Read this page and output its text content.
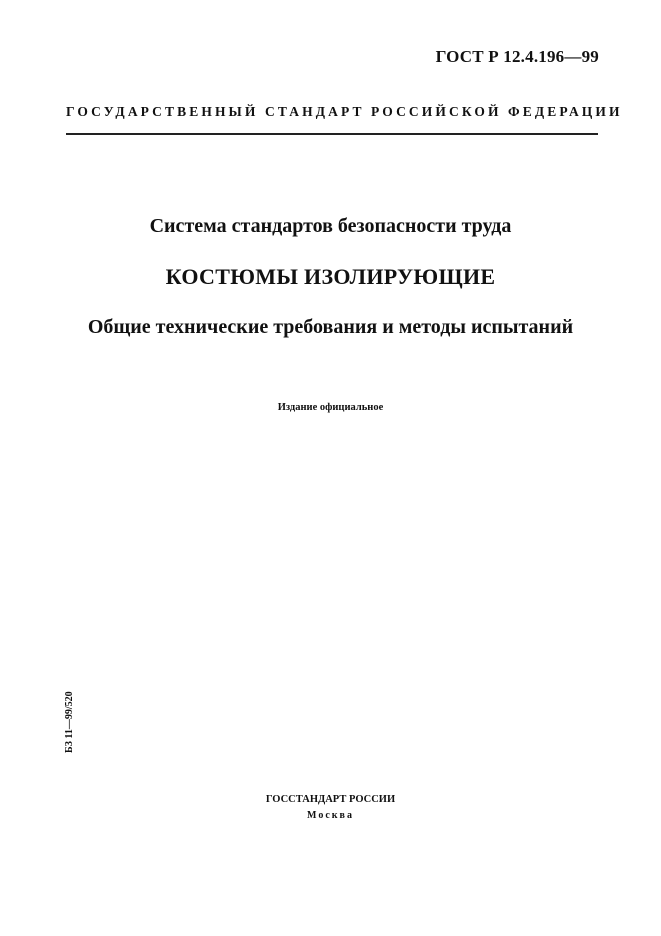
ГОСТ Р 12.4.196—99
ГОСУДАРСТВЕННЫЙ СТАНДАРТ РОССИЙСКОЙ ФЕДЕРАЦИИ
Система стандартов безопасности труда
КОСТЮМЫ ИЗОЛИРУЮЩИЕ
Общие технические требования и методы испытаний
Издание официальное
БЗ 11—99/520
ГОССТАНДАРТ РОССИИ
Москва
